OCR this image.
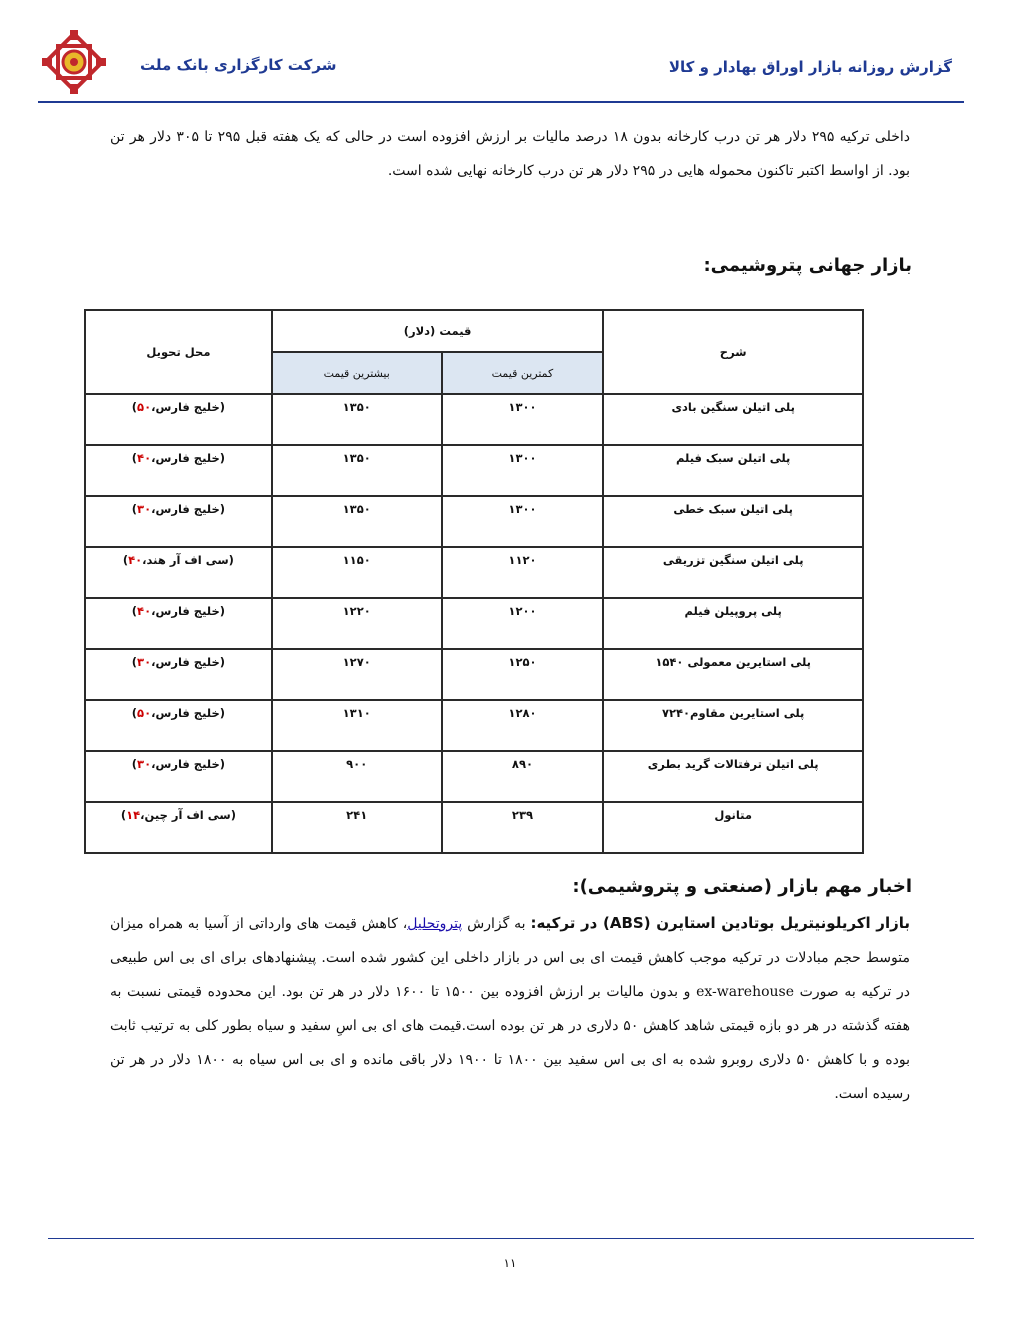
شرکت کارگزاری بانک ملت	گزارش روزانه بازار اوراق بهادار و کالا

داخلی ترکیه ۲۹۵ دلار هر تن درب کارخانه بدون ۱۸ درصد مالیات بر ارزش افزوده است در حالی که یک هفته قبل ۲۹۵ تا ۳۰۵ دلار هر تن بود. از اواسط اکتبر تاکنون محموله هایی در ۲۹۵ دلار هر تن درب کارخانه نهایی شده است.

بازار جهانی پتروشیمی:
شرح	قیمت (دلار)		محل تحویل
	کمترین قیمت	بیشترین قیمت	
پلی اتیلن سنگین بادی	۱۳۰۰	۱۳۵۰	(خلیج فارس،۵۰)
پلی اتیلن سبک فیلم	۱۳۰۰	۱۳۵۰	(خلیج فارس،۴۰)
پلی اتیلن سبک خطی	۱۳۰۰	۱۳۵۰	(خلیج فارس،۳۰)
پلی اتیلن سنگین تزریقی	۱۱۲۰	۱۱۵۰	(سی اف آر هند،۴۰)
پلی پروپیلن فیلم	۱۲۰۰	۱۲۲۰	(خلیج فارس،۴۰)
پلی استایرین معمولی ۱۵۴۰	۱۲۵۰	۱۲۷۰	(خلیج فارس،۳۰)
پلی استایرین مقاوم۷۲۴۰	۱۲۸۰	۱۳۱۰	(خلیج فارس،۵۰)
پلی اتیلن ترفتالات گرید بطری	۸۹۰	۹۰۰	(خلیج فارس،۳۰)
متانول	۲۳۹	۲۴۱	(سی اف آر چین،۱۴)
اخبار مهم بازار (صنعتی و پتروشیمی):

بازار اکریلونیتریل بوتادین استایرن (ABS) در ترکیه: به گزارش پتروتحلیل، کاهش قیمت های وارداتی از آسیا به همراه میزان متوسط حجم مبادلات در ترکیه موجب کاهش قیمت ای بی اس در بازار داخلی این کشور شده است. پیشنهادهای برای ای بی اس طبیعی در ترکیه به صورت ex-warehouse و بدون مالیات بر ارزش افزوده بین ۱۵۰۰ تا ۱۶۰۰ دلار در هر تن بود. این محدوده قیمتی نسبت به هفته گذشته در هر دو بازه قیمتی شاهد کاهش ۵۰ دلاری در هر تن بوده است.قیمت های ای بی اسِ سفید و سیاه بطور کلی به ترتیب ثابت بوده و با کاهش ۵۰ دلاری روبرو شده به ای بی اس سفید بین ۱۸۰۰ تا ۱۹۰۰ دلار باقی مانده و ای بی اس سیاه به ۱۸۰۰ دلار در هر تن رسیده است.

۱۱
